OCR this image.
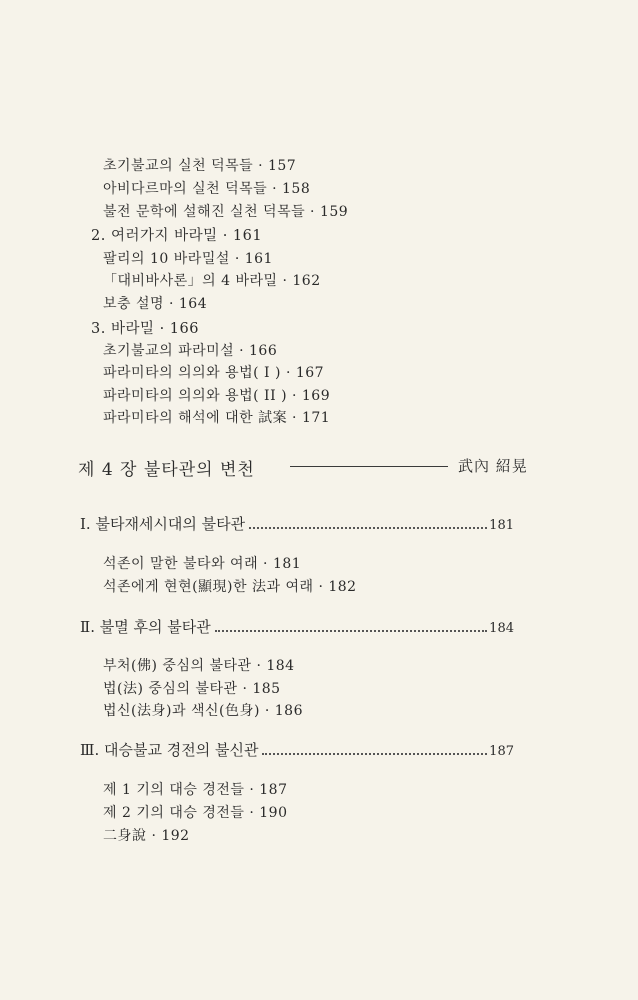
초기불교의 실천 덕목들 · 157
아비다르마의 실천 덕목들 · 158
불전 문학에 설해진 실천 덕목들 · 159
2. 여러가지 바라밀 · 161
팔리의 10 바라밀설 · 161
「대비바사론」의 4 바라밀 · 162
보충 설명 · 164
3. 바라밀 · 166
초기불교의 파라미설 · 166
파라미타의 의의와 용법( I ) · 167
파라미타의 의의와 용법( II ) · 169
파라미타의 해석에 대한 試案 · 171
제 4 장 불타관의 변천	武內 紹晃
Ⅰ. 불타재세시대의 불타관	181
석존이 말한 불타와 여래 · 181
석존에게 현현(顯現)한 法과 여래 · 182
Ⅱ. 불멸 후의 불타관	184
부처(佛) 중심의 불타관 · 184
법(法) 중심의 불타관 · 185
법신(法身)과 색신(色身) · 186
Ⅲ. 대승불교 경전의 불신관	187
제 1 기의 대승 경전들 · 187
제 2 기의 대승 경전들 · 190
二身說 · 192
